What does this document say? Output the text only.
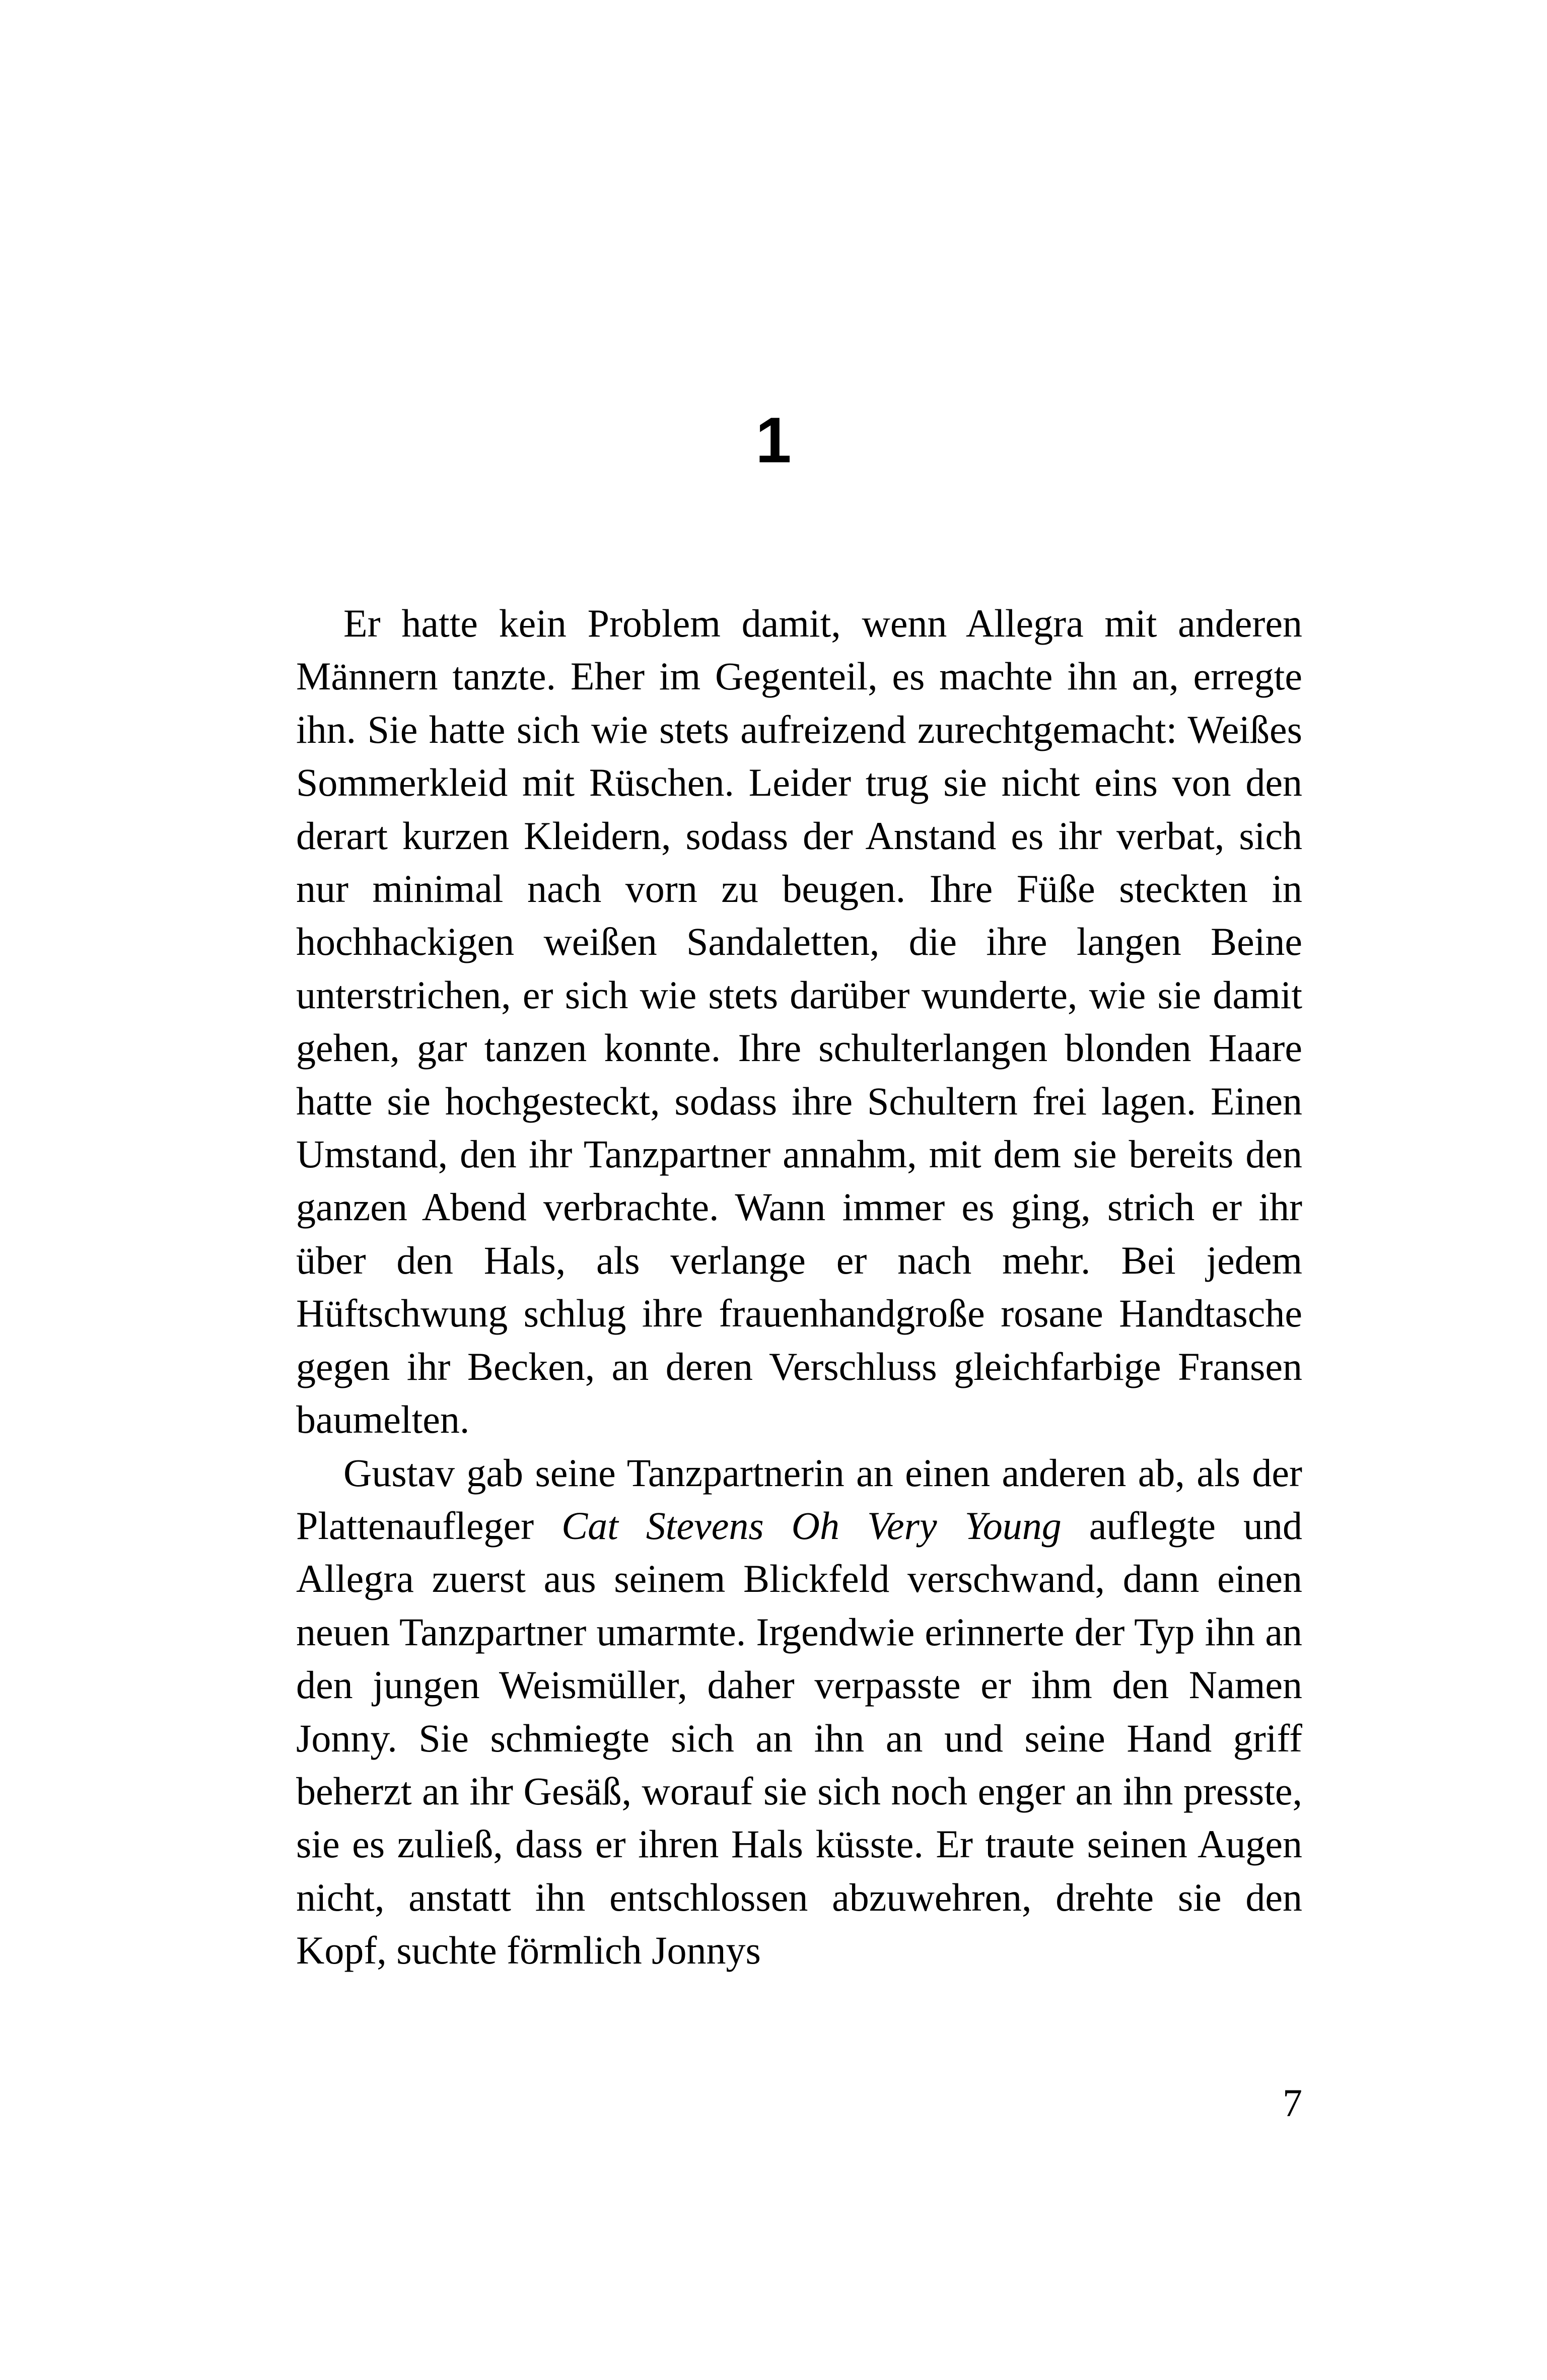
1

Er hatte kein Problem damit, wenn Allegra mit anderen Männern tanzte. Eher im Gegenteil, es machte ihn an, erregte ihn. Sie hatte sich wie stets aufreizend zurechtgemacht: Weißes Sommerkleid mit Rüschen. Leider trug sie nicht eins von den derart kurzen Kleidern, sodass der Anstand es ihr verbat, sich nur minimal nach vorn zu beugen. Ihre Füße steckten in hochhackigen weißen Sandaletten, die ihre langen Beine unterstrichen, er sich wie stets darüber wunderte, wie sie damit gehen, gar tanzen konnte. Ihre schulterlangen blonden Haare hatte sie hochgesteckt, sodass ihre Schultern frei lagen. Einen Umstand, den ihr Tanzpartner annahm, mit dem sie bereits den ganzen Abend verbrachte. Wann immer es ging, strich er ihr über den Hals, als verlange er nach mehr. Bei jedem Hüftschwung schlug ihre frauenhandgroße rosane Handtasche gegen ihr Becken, an deren Verschluss gleichfarbige Fransen baumelten.

Gustav gab seine Tanzpartnerin an einen anderen ab, als der Plattenaufleger Cat Stevens Oh Very Young auflegte und Allegra zuerst aus seinem Blickfeld verschwand, dann einen neuen Tanzpartner umarmte. Irgendwie erinnerte der Typ ihn an den jungen Weismüller, daher verpasste er ihm den Namen Jonny. Sie schmiegte sich an ihn an und seine Hand griff beherzt an ihr Gesäß, worauf sie sich noch enger an ihn presste, sie es zuließ, dass er ihren Hals küsste. Er traute seinen Augen nicht, anstatt ihn entschlossen abzuwehren, drehte sie den Kopf, suchte förmlich Jonnys

7
